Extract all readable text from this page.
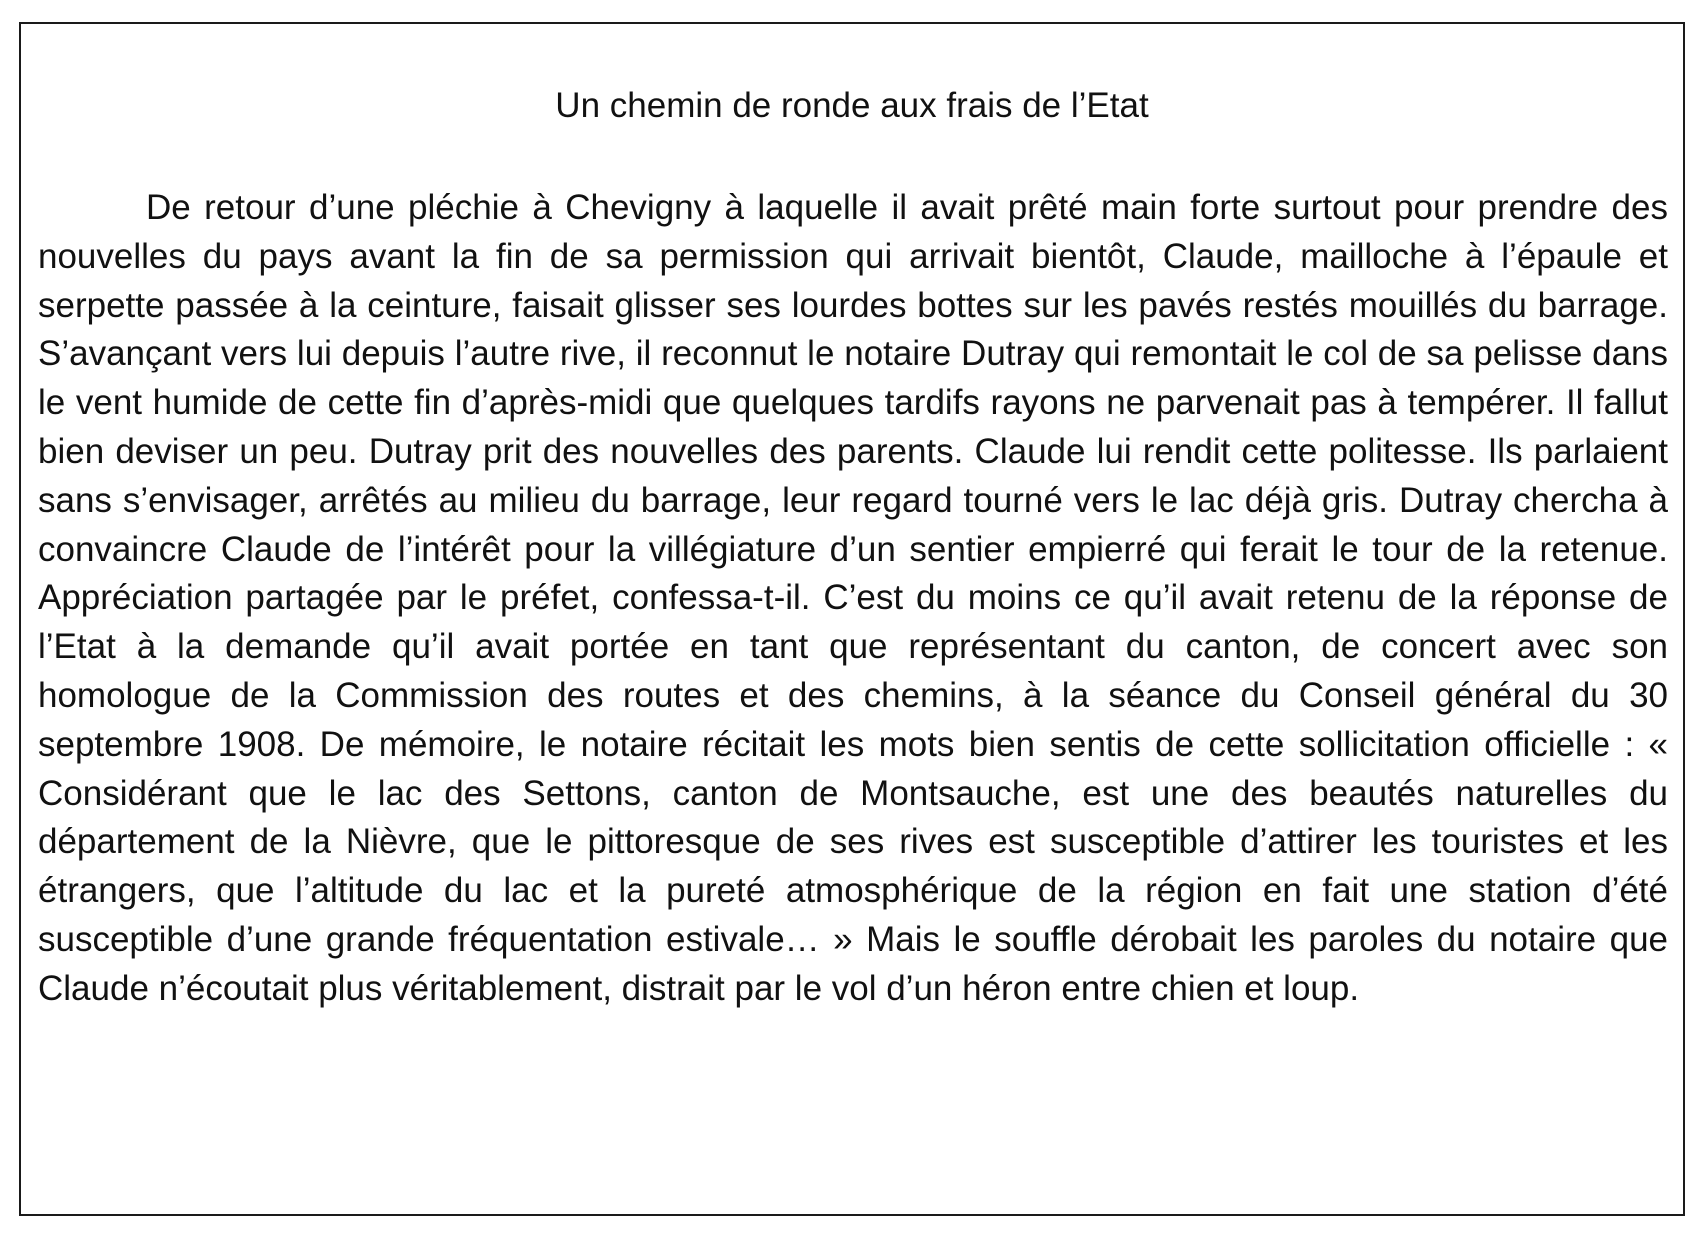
Un chemin de ronde aux frais de l’Etat

De retour d’une pléchie à Chevigny à laquelle il avait prêté main forte surtout pour prendre des nouvelles du pays avant la fin de sa permission qui arrivait bientôt, Claude, mailloche à l’épaule et serpette passée à la ceinture, faisait glisser ses lourdes bottes sur les pavés restés mouillés du barrage. S’avançant vers lui depuis l’autre rive, il reconnut le notaire Dutray qui remontait le col de sa pelisse dans le vent humide de cette fin d’après-midi que quelques tardifs rayons ne parvenait pas à tempérer. Il fallut bien deviser un peu. Dutray prit des nouvelles des parents. Claude lui rendit cette politesse. Ils parlaient sans s’envisager, arrêtés au milieu du barrage, leur regard tourné vers le lac déjà gris. Dutray chercha à convaincre Claude de l’intérêt pour la villégiature d’un sentier empierré qui ferait le tour de la retenue. Appréciation partagée par le préfet, confessa-t-il. C’est du moins ce qu’il avait retenu de la réponse de l’Etat à la demande qu’il avait portée en tant que représentant du canton, de concert avec son homologue de la Commission des routes et des chemins, à la séance du Conseil général du 30 septembre 1908. De mémoire, le notaire récitait les mots bien sentis de cette sollicitation officielle : « Considérant que le lac des Settons, canton de Montsauche, est une des beautés naturelles du département de la Nièvre, que le pittoresque de ses rives est susceptible d’attirer les touristes et les étrangers, que l’altitude du lac et la pureté atmosphérique de la région en fait une station d’été susceptible d’une grande fréquentation estivale… » Mais le souffle dérobait les paroles du notaire que Claude n’écoutait plus véritablement, distrait par le vol d’un héron entre chien et loup.
